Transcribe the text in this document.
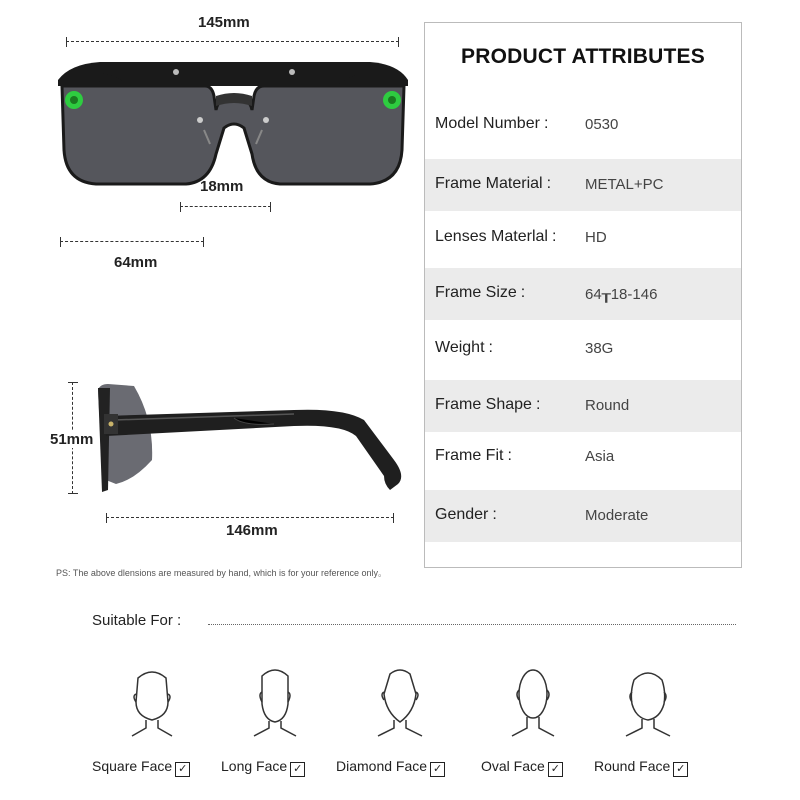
145mm
18mm
64mm
51mm
146mm
PRODUCT ATTRIBUTES
Model Number : 0530
Frame Material : METAL+PC
Lenses Materlal : HD
Frame Size :	64┰18-146
Weight :	38G
Frame Shape :	Round
Frame Fit :	Asia
Gender :	Moderate
PS: The above dlensions are measured by hand, which is for your reference only。
Suitable For :
Square Face ✓ Long Face ✓ Diamond Face ✓	Oval Face ✓ Round Face ✓
